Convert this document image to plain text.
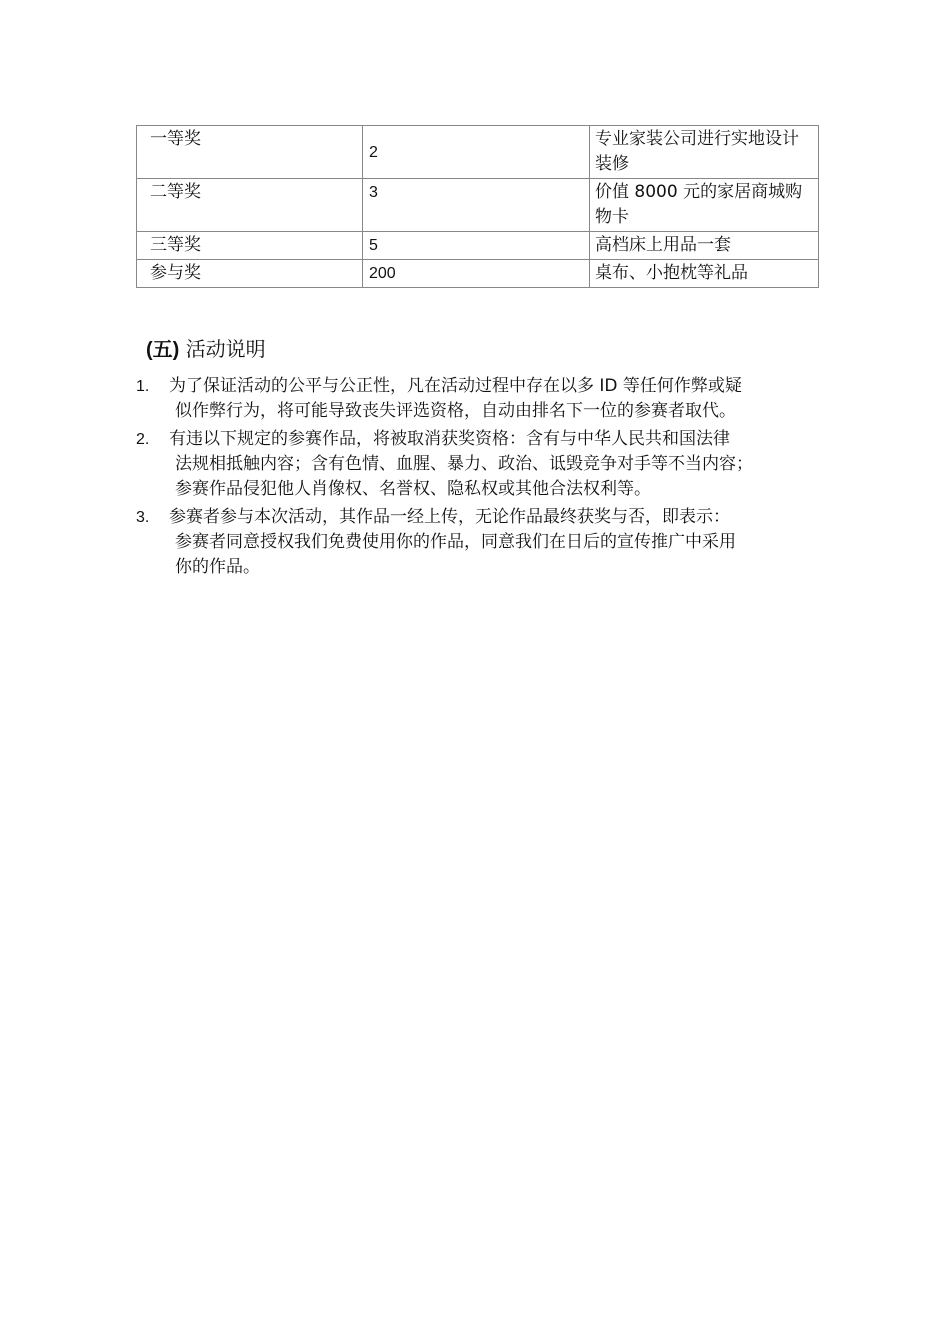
一等奖	2	专业家装公司进行实地设计装修
二等奖	3	价值 8000 元的家居商城购物卡
三等奖	5	高档床上用品一套
参与奖	200	桌布、小抱枕等礼品
(五) 活动说明
1.	为了保证活动的公平与公正性，凡在活动过程中存在以多 ID 等任何作弊或疑
似作弊行为，将可能导致丧失评选资格，自动由排名下一位的参赛者取代。
2.	有违以下规定的参赛作品，将被取消获奖资格：含有与中华人民共和国法律
法规相抵触内容；含有色情、血腥、暴力、政治、诋毁竞争对手等不当内容；
参赛作品侵犯他人肖像权、名誉权、隐私权或其他合法权利等。
3.	参赛者参与本次活动，其作品一经上传，无论作品最终获奖与否，即表示：
参赛者同意授权我们免费使用你的作品，同意我们在日后的宣传推广中采用
你的作品。
